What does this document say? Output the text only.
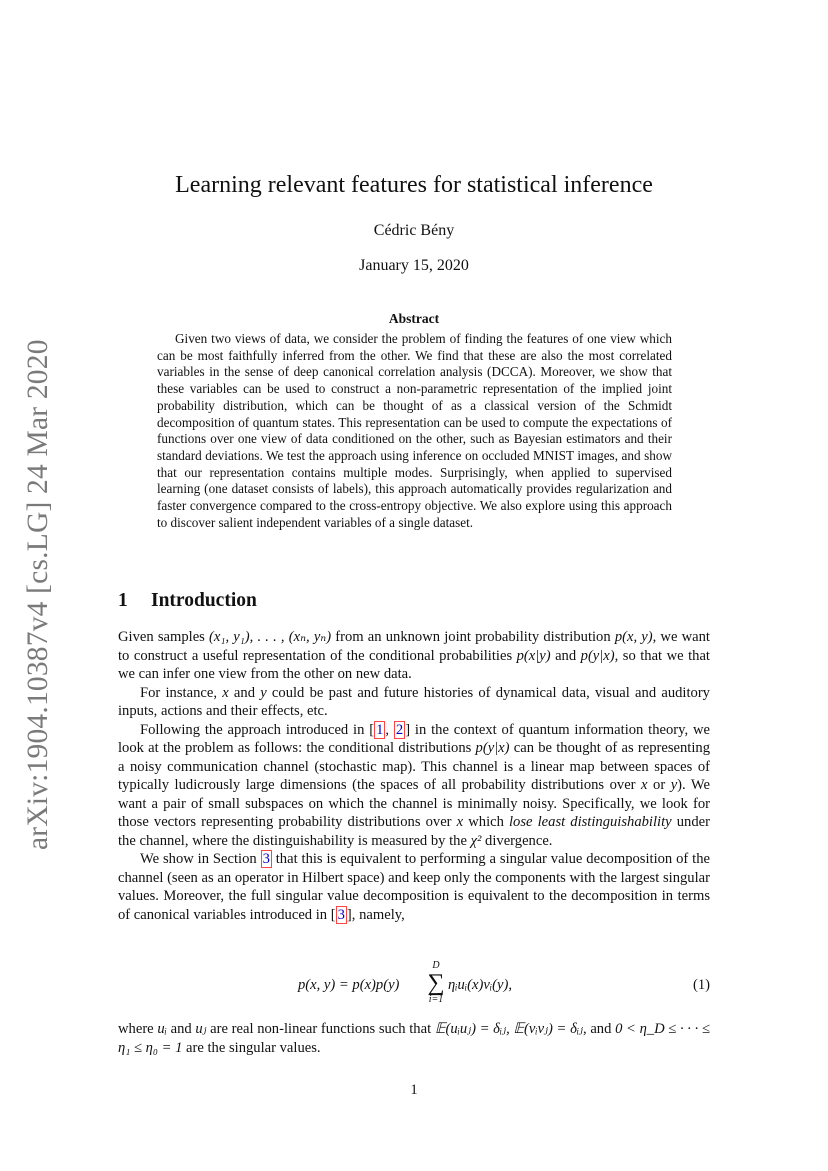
arXiv:1904.10387v4 [cs.LG] 24 Mar 2020
Learning relevant features for statistical inference
Cédric Bény
January 15, 2020
Abstract
Given two views of data, we consider the problem of finding the features of one view which can be most faithfully inferred from the other. We find that these are also the most correlated variables in the sense of deep canonical correlation analysis (DCCA). Moreover, we show that these variables can be used to construct a non-parametric representation of the implied joint probability distribution, which can be thought of as a classical version of the Schmidt decomposition of quantum states. This representation can be used to compute the expectations of functions over one view of data conditioned on the other, such as Bayesian estimators and their standard deviations. We test the approach using inference on occluded MNIST images, and show that our representation contains multiple modes. Surprisingly, when applied to supervised learning (one dataset consists of labels), this approach automatically provides regularization and faster convergence compared to the cross-entropy objective. We also explore using this approach to discover salient independent variables of a single dataset.
1 Introduction

Given samples (x₁, y₁), . . . , (xₙ, yₙ) from an unknown joint probability distribution p(x, y), we want to construct a useful representation of the conditional probabilities p(x|y) and p(y|x), so that we that we can infer one view from the other on new data.

For instance, x and y could be past and future histories of dynamical data, visual and auditory inputs, actions and their effects, etc.

Following the approach introduced in [ 1 , 2 ] in the context of quantum information theory, we look at the problem as follows: the conditional distributions p(y|x) can be thought of as representing a noisy communication channel (stochastic map). This channel is a linear map between spaces of typically ludicrously large dimensions (the spaces of all probability distributions over x or y). We want a pair of small subspaces on which the channel is minimally noisy. Specifically, we look for those vectors representing probability distributions over x which lose least distinguishability under the channel, where the distinguishability is measured by the χ² divergence.

We show in Section 3 that this is equivalent to performing a singular value decomposition of the channel (seen as an operator in Hilbert space) and keep only the components with the largest singular values. Moreover, the full singular value decomposition is equivalent to the decomposition in terms of canonical variables introduced in [ 3 ], namely,

p(x, y) = p(x)p(y)
D
∑
i=1
ηᵢuᵢ(x)vᵢ(y),	(1)

where uᵢ and uⱼ are real non-linear functions such that 𝔼(uᵢuⱼ) = δᵢⱼ, 𝔼(vᵢvⱼ) = δᵢⱼ, and 0 < η_D ≤ · · · ≤ η₁ ≤ η₀ = 1 are the singular values.

1
